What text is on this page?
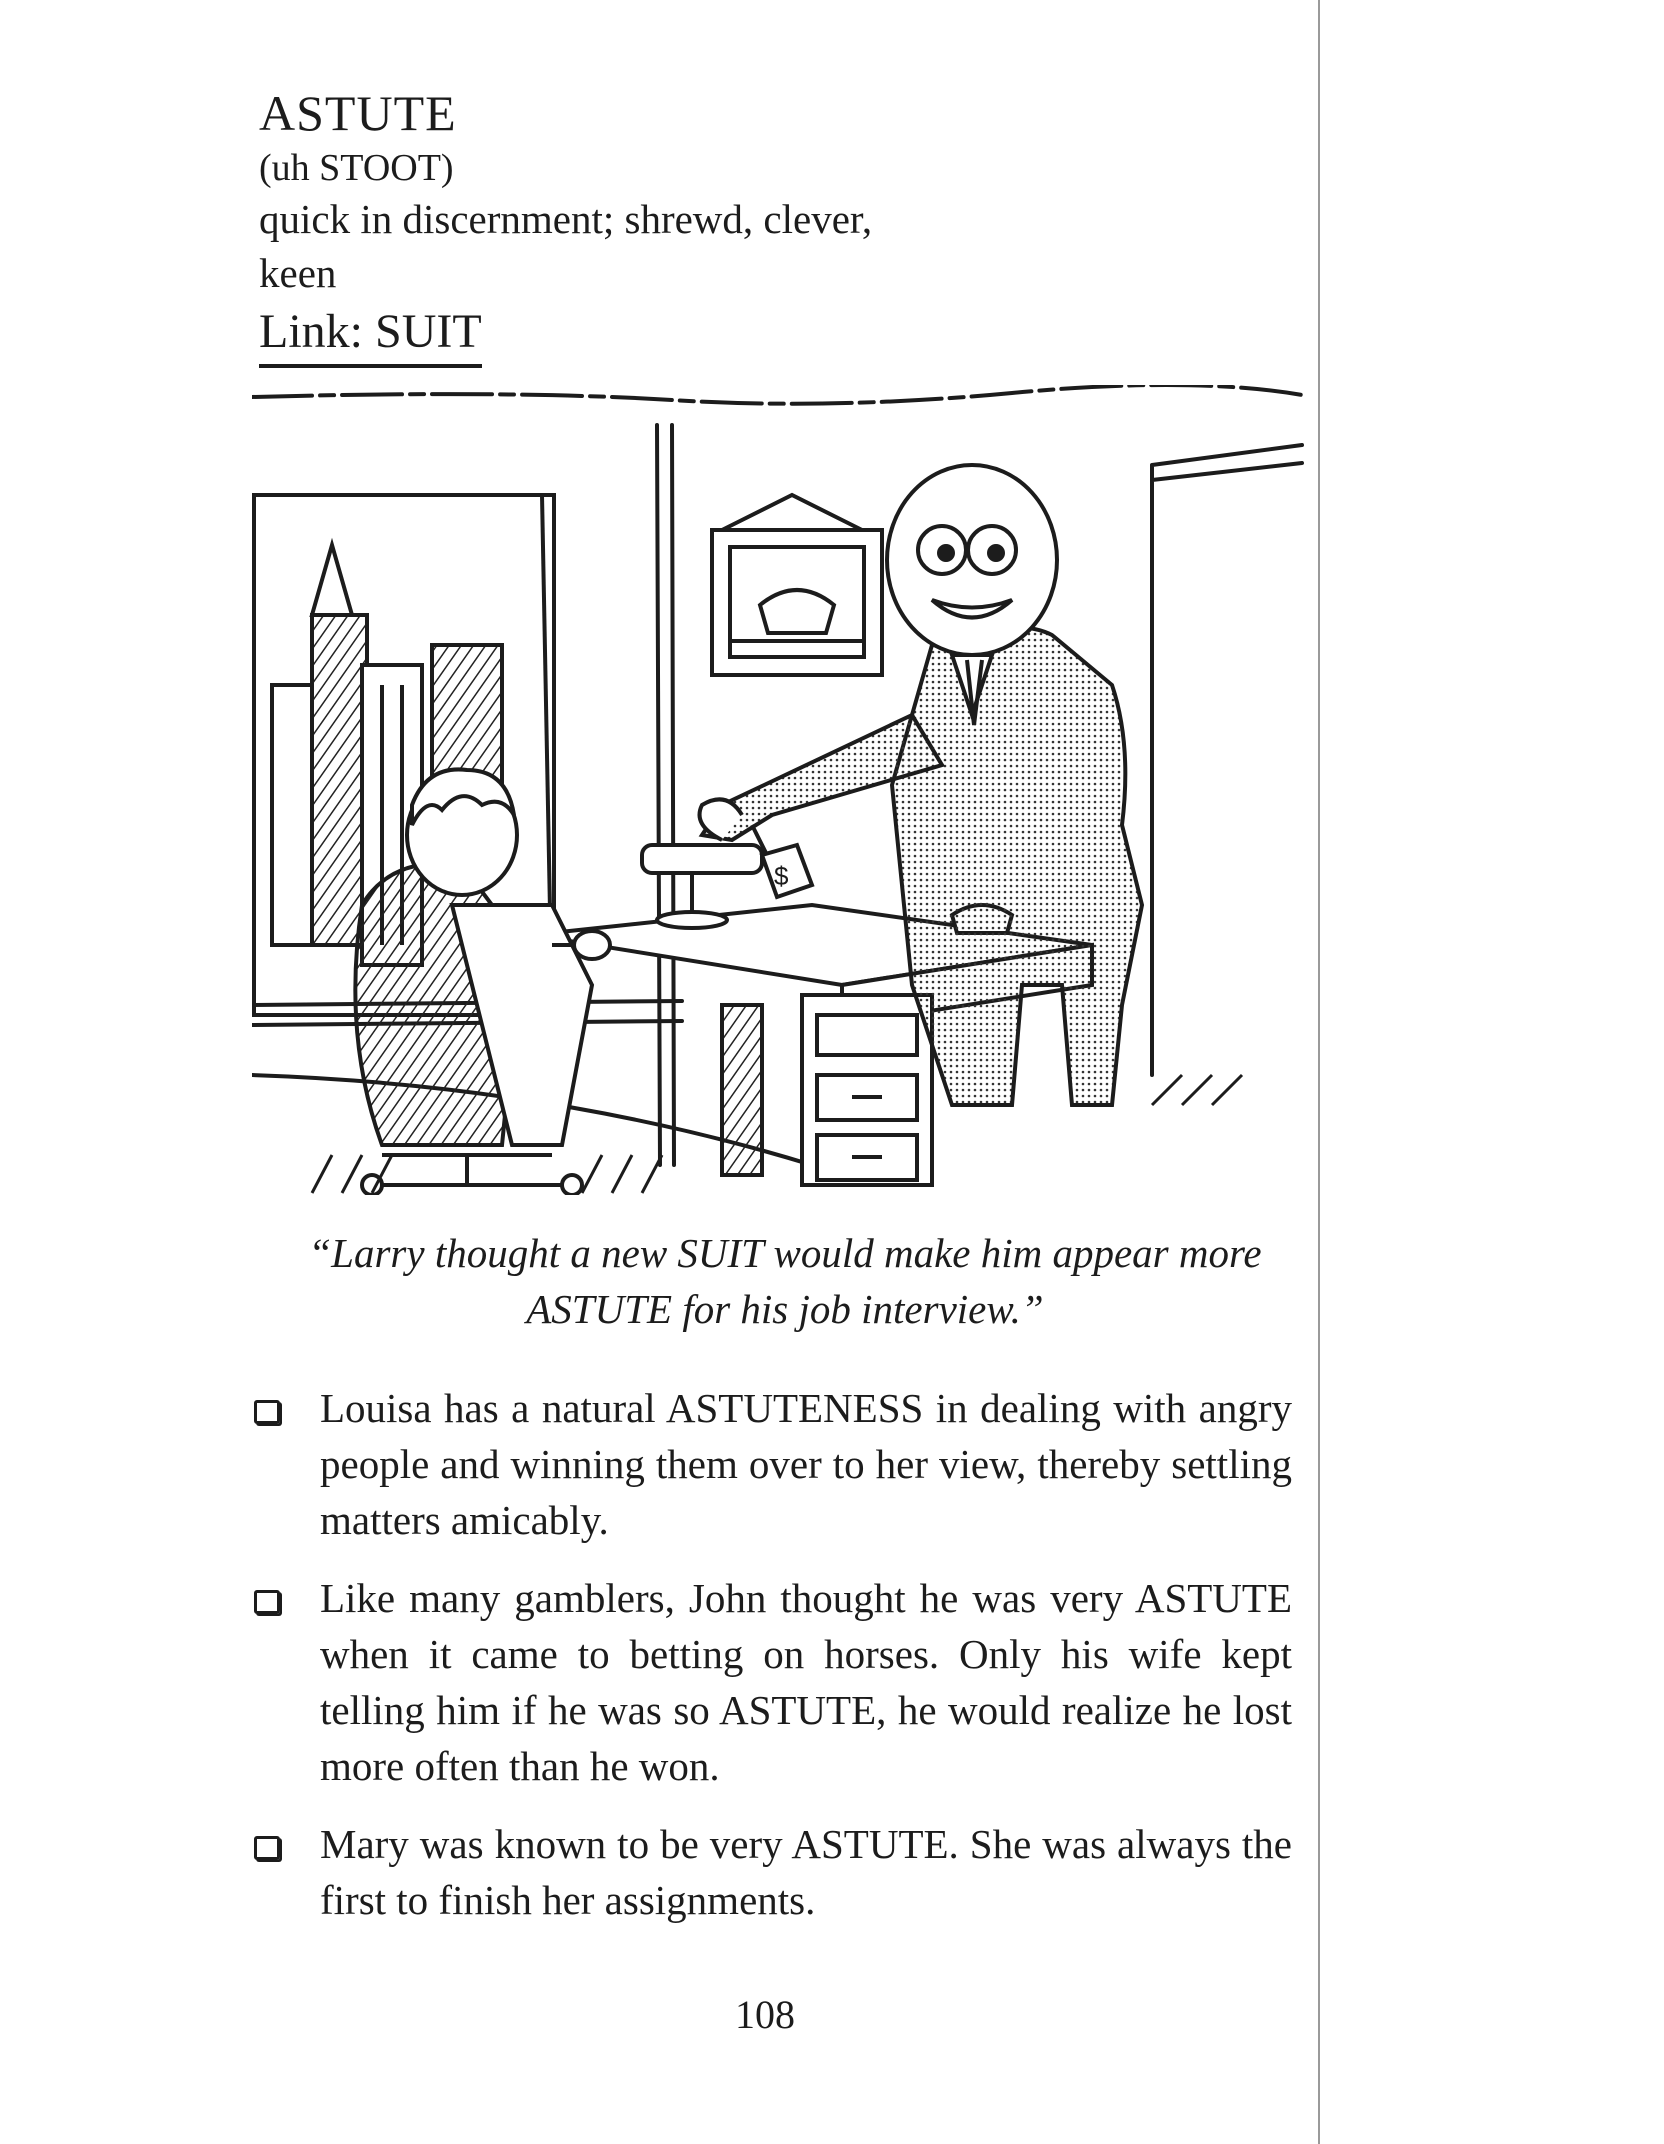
ASTUTE
(uh STOOT)
quick in discernment; shrewd, clever, keen
Link: SUIT
$
“Larry thought a new SUIT would make him appear more ASTUTE for his job interview.”
Louisa has a natural ASTUTENESS in dealing with angry people and winning them over to her view, thereby settling matters amicably.
Like many gamblers, John thought he was very ASTUTE when it came to betting on horses. Only his wife kept telling him if he was so ASTUTE, he would realize he lost more often than he won.
Mary was known to be very ASTUTE. She was always the first to finish her assignments.
108
